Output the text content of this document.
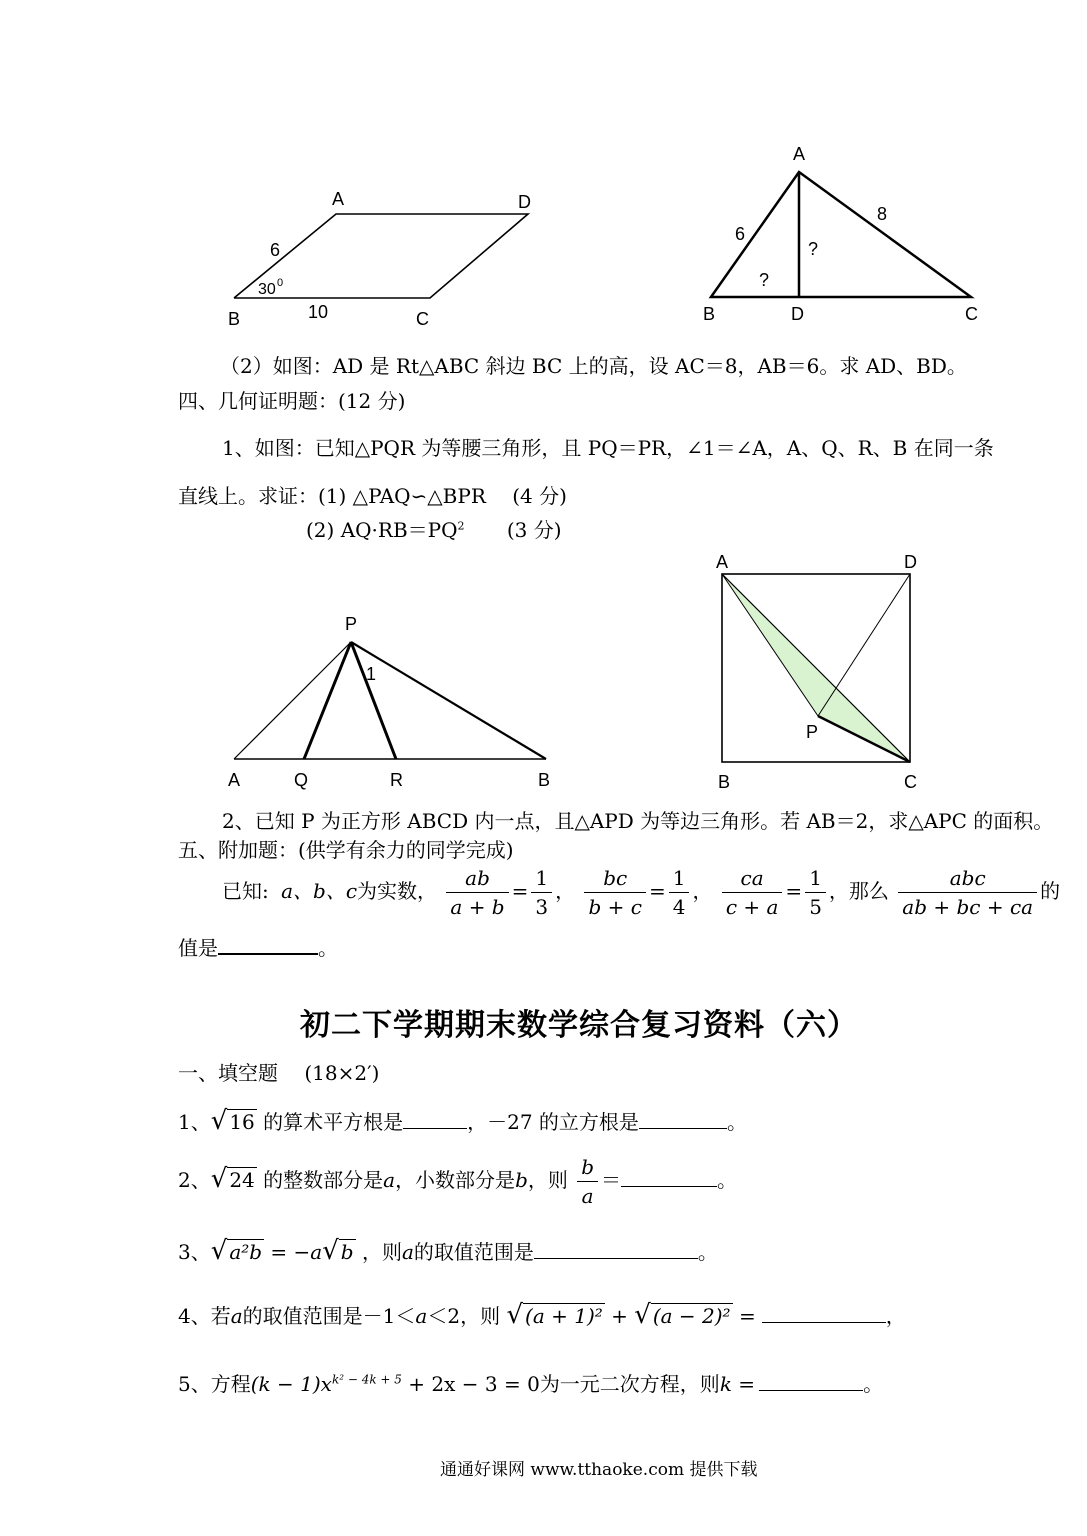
A	D
B	C
6
10
30 0
A
B	D	C
6
8
?
?
（2）如图：AD 是 Rt△ABC 斜边 BC 上的高，设 AC＝8，AB＝6。求 AD、BD。
四、几何证明题：(12 分)
1、如图：已知△PQR 为等腰三角形，且 PQ＝PR，∠1＝∠A，A、Q、R、B 在同一条
直线上。求证：(1) △PAQ∽△BPR　 (4 分)
(2) $AQ\cdot RB=PQ^2$ (3 分)
P
1
A	Q	R	B
A	D
P
B	C
2、已知 P 为正方形 ABCD 内一点，且△APD 为等边三角形。若 AB＝2，求△APC 的面积。
五、附加题：(供学有余力的同学完成)
已知: a、b、c为实数， $\frac{ab}{a + b} = \frac{1}{3}$ ， $\frac{bc}{b + c} = \frac{1}{4}$ ， $\frac{ca}{c + a} = \frac{1}{5}$ ，那么 $\frac{\text{abc}}{ab + bc + ca}$ 的
值是	。
初二下学期期末数学综合复习资料（六）
一、填空题　 (18×2′)
1、√ 16 的算术平方根是	，－27 的立方根是	。
2、√ 24 的整数部分是a，小数部分是b，则 $\frac{b}{a}$ ＝	。
3、√ a²b = −a√ b ，则a的取值范围是	。
4、若a的取值范围是－1＜a＜2，则 √ (a + 1)² + √ (a − 2)² =	，
5、方程$(k - 1)x^{k^2 - 4k + 5} + 2x - 3 = 0$为一元二次方程，则k =	。
通通好课网 www.tthaoke.com 提供下载
